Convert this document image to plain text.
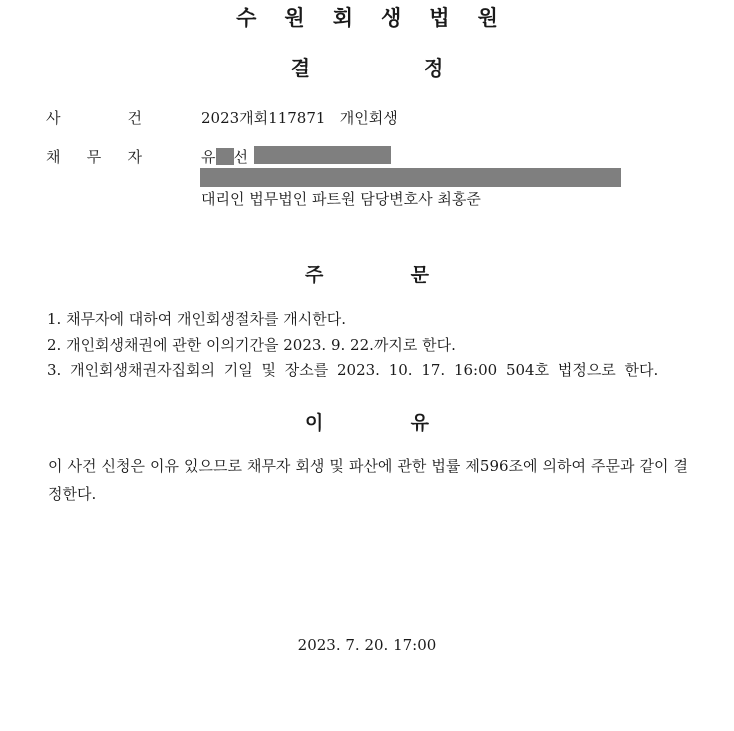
수원회생법원
결	정
사	건	2023개회117871   개인회생
채 무 자	유 선
대리인 법무법인 파트원 담당변호사 최홍준
주	문
1. 채무자에 대하여 개인회생절차를 개시한다.
2. 개인회생채권에 관한 이의기간을 2023. 9. 22.까지로 한다.
3. 개인회생채권자집회의 기일 및 장소를 2023. 10. 17. 16:00 504호 법정으로 한다.
이	유
이 사건 신청은 이유 있으므로 채무자 회생 및 파산에 관한 법률 제596조에 의하여 주문과 같이 결정한다.
2023. 7. 20. 17:00
